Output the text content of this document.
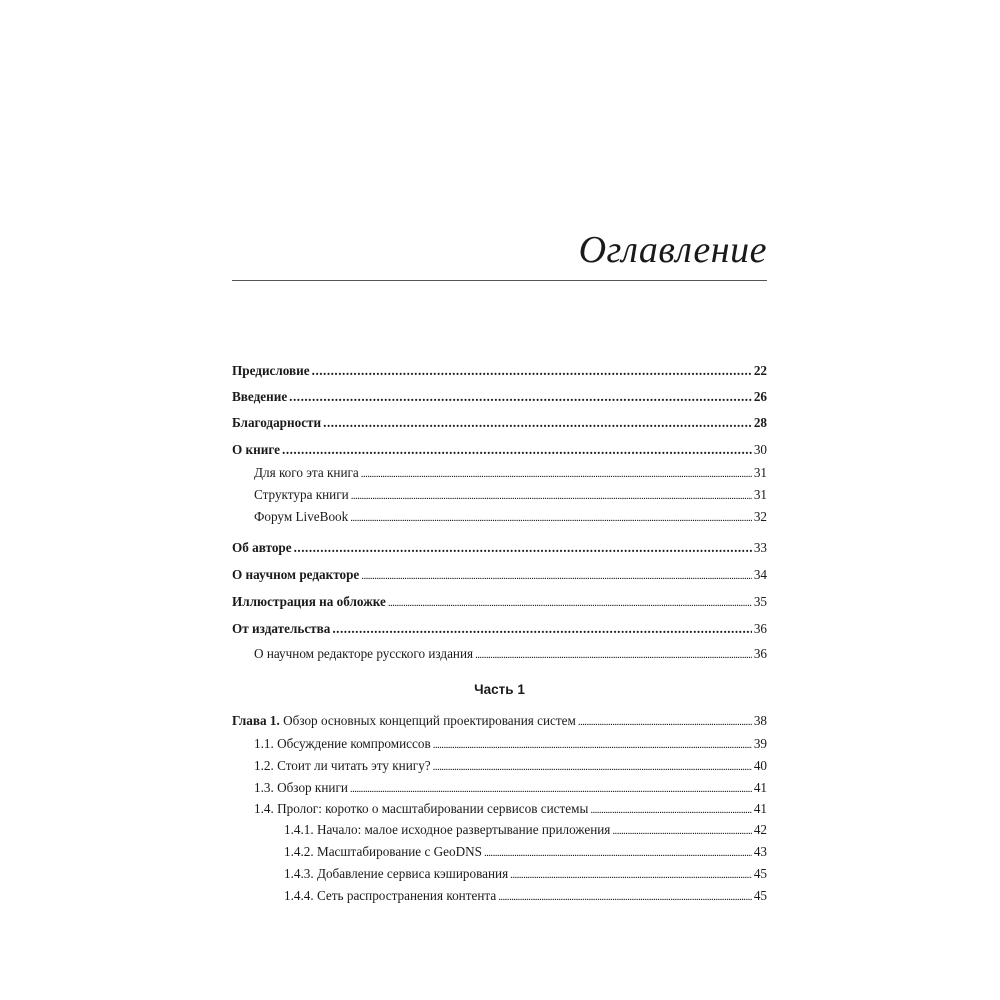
Оглавление
Предисловие .....	22
Введение .....	26
Благодарности .....	28
О книге .....	30
Для кого эта книга .....	31
Структура книги .....	31
Форум LiveBook .....	32
Об авторе .....	33
О научном редакторе .....	34
Иллюстрация на обложке .....	35
От издательства .....	36
О научном редакторе русского издания .....	36
Часть 1
Глава 1. Обзор основных концепций проектирования систем .....	38
1.1. Обсуждение компромиссов .....	39
1.2. Стоит ли читать эту книгу? .....	40
1.3. Обзор книги .....	41
1.4. Пролог: коротко о масштабировании сервисов системы .....	41
1.4.1. Начало: малое исходное развертывание приложения .....	42
1.4.2. Масштабирование с GeoDNS .....	43
1.4.3. Добавление сервиса кэширования .....	45
1.4.4. Сеть распространения контента .....	45
